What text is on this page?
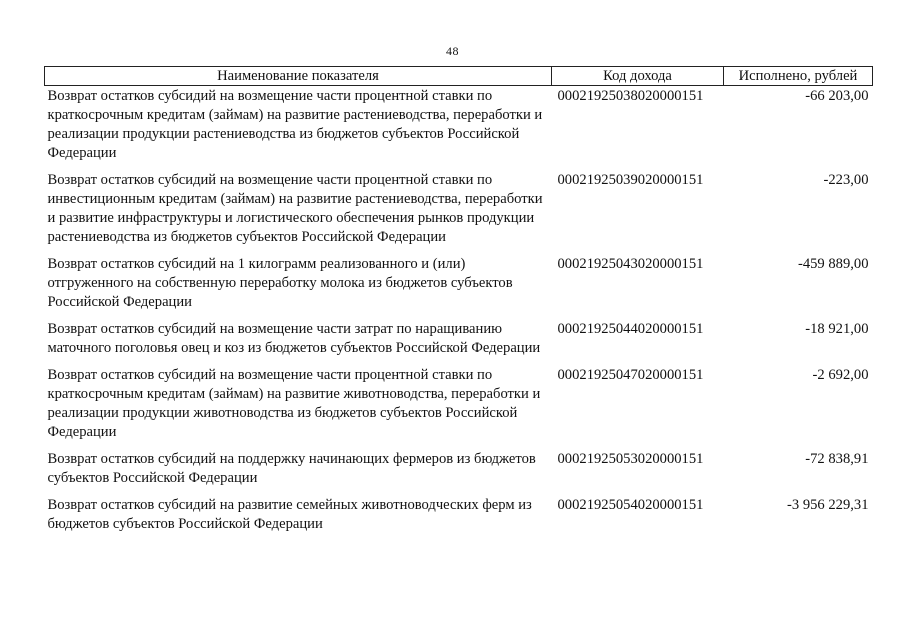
48
Наименование показателя	Код дохода	Исполнено, рублей
Возврат остатков субсидий на возмещение части процентной ставки по краткосрочным кредитам (займам) на развитие растениеводства, переработки и реализации продукции растениеводства из бюджетов субъектов Российской Федерации	00021925038020000151	-66 203,00
Возврат остатков субсидий на возмещение части процентной ставки по инвестиционным кредитам (займам) на развитие растениеводства, переработки и развитие инфраструктуры и логистического обеспечения рынков продукции растениеводства из бюджетов субъектов Российской Федерации	00021925039020000151	-223,00
Возврат остатков субсидий на 1 килограмм реализованного и (или) отгруженного на собственную переработку молока из бюджетов субъектов Российской Федерации	00021925043020000151	-459 889,00
Возврат остатков субсидий на возмещение части затрат по наращиванию маточного поголовья овец и коз из бюджетов субъектов Российской Федерации	00021925044020000151	-18 921,00
Возврат остатков субсидий на возмещение части процентной ставки по краткосрочным кредитам (займам) на развитие животноводства, переработки и реализации продукции животноводства из бюджетов субъектов Российской Федерации	00021925047020000151	-2 692,00
Возврат остатков субсидий на поддержку начинающих фермеров из бюджетов субъектов Российской Федерации	00021925053020000151	-72 838,91
Возврат остатков субсидий на развитие семейных животноводческих ферм из бюджетов субъектов Российской Федерации	00021925054020000151	-3 956 229,31
